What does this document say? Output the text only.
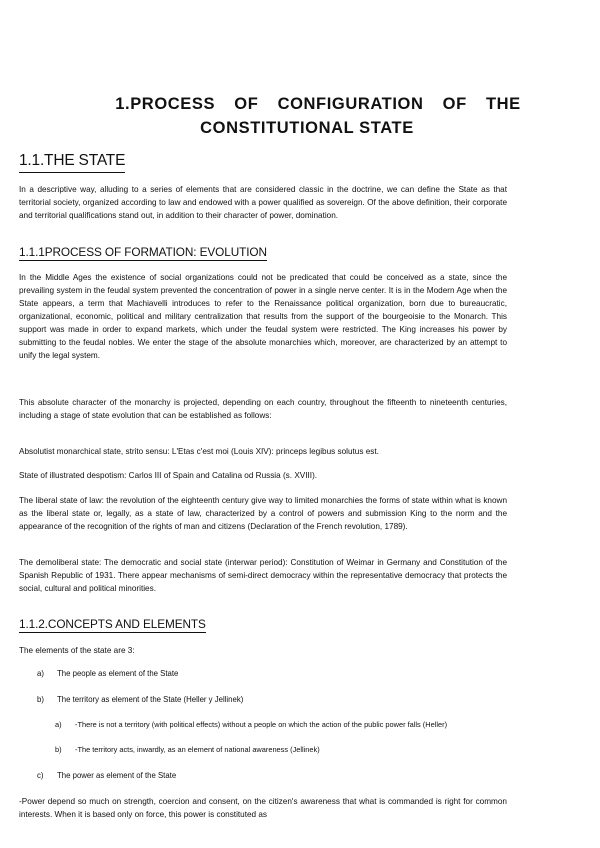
1.PROCESS OF CONFIGURATION OF THE
CONSTITUTIONAL STATE
1.1.THE STATE
In a descriptive way, alluding to a series of elements that are considered classic in the doctrine, we can define the State as that territorial society, organized according to law and endowed with a power qualified as sovereign. Of the above definition, their corporate and territorial qualifications stand out, in addition to their character of power, domination.
1.1.1PROCESS OF FORMATION: EVOLUTION
In the Middle Ages the existence of social organizations could not be predicated that could be conceived as a state, since the prevailing system in the feudal system prevented the concentration of power in a single nerve center. It is in the Modern Age when the State appears, a term that Machiavelli introduces to refer to the Renaissance political organization, born due to bureaucratic, organizational, economic, political and military centralization that results from the support of the bourgeoisie to the Monarch. This support was made in order to expand markets, which under the feudal system were restricted. The King increases his power by submitting to the feudal nobles. We enter the stage of the absolute monarchies which, moreover, are characterized by an attempt to unify the legal system.
This absolute character of the monarchy is projected, depending on each country, throughout the fifteenth to nineteenth centuries, including a stage of state evolution that can be established as follows:
Absolutist monarchical state, strito sensu: L'Etas c'est moi (Louis XIV): princeps legibus solutus est.
State of illustrated despotism: Carlos III of Spain and Catalina od Russia (s. XVIII).
The liberal state of law: the revolution of the eighteenth century give way to limited monarchies the forms of state within what is known as the liberal state or, legally, as a state of law, characterized by a control of powers and submission King to the norm and the appearance of the recognition of the rights of man and citizens (Declaration of the French revolution, 1789).
The demoliberal state: The democratic and social state (interwar period): Constitution of Weimar in Germany and Constitution of the Spanish Republic of 1931. There appear mechanisms of semi-direct democracy within the representative democracy that protects the social, cultural and political minorities.
1.1.2.CONCEPTS AND ELEMENTS
The elements of the state are 3:
a) The people as element of the State
b) The territory as element of the State (Heller y Jellinek)
a) -There is not a territory (with political effects) without a people on which the action of the public power falls (Heller)
b) -The territory acts, inwardly, as an element of national awareness (Jellinek)
c) The power as element of the State
-Power depend so much on strength, coercion and consent, on the citizen's awareness that what is commanded is right for common interests. When it is based only on force, this power is constituted as
